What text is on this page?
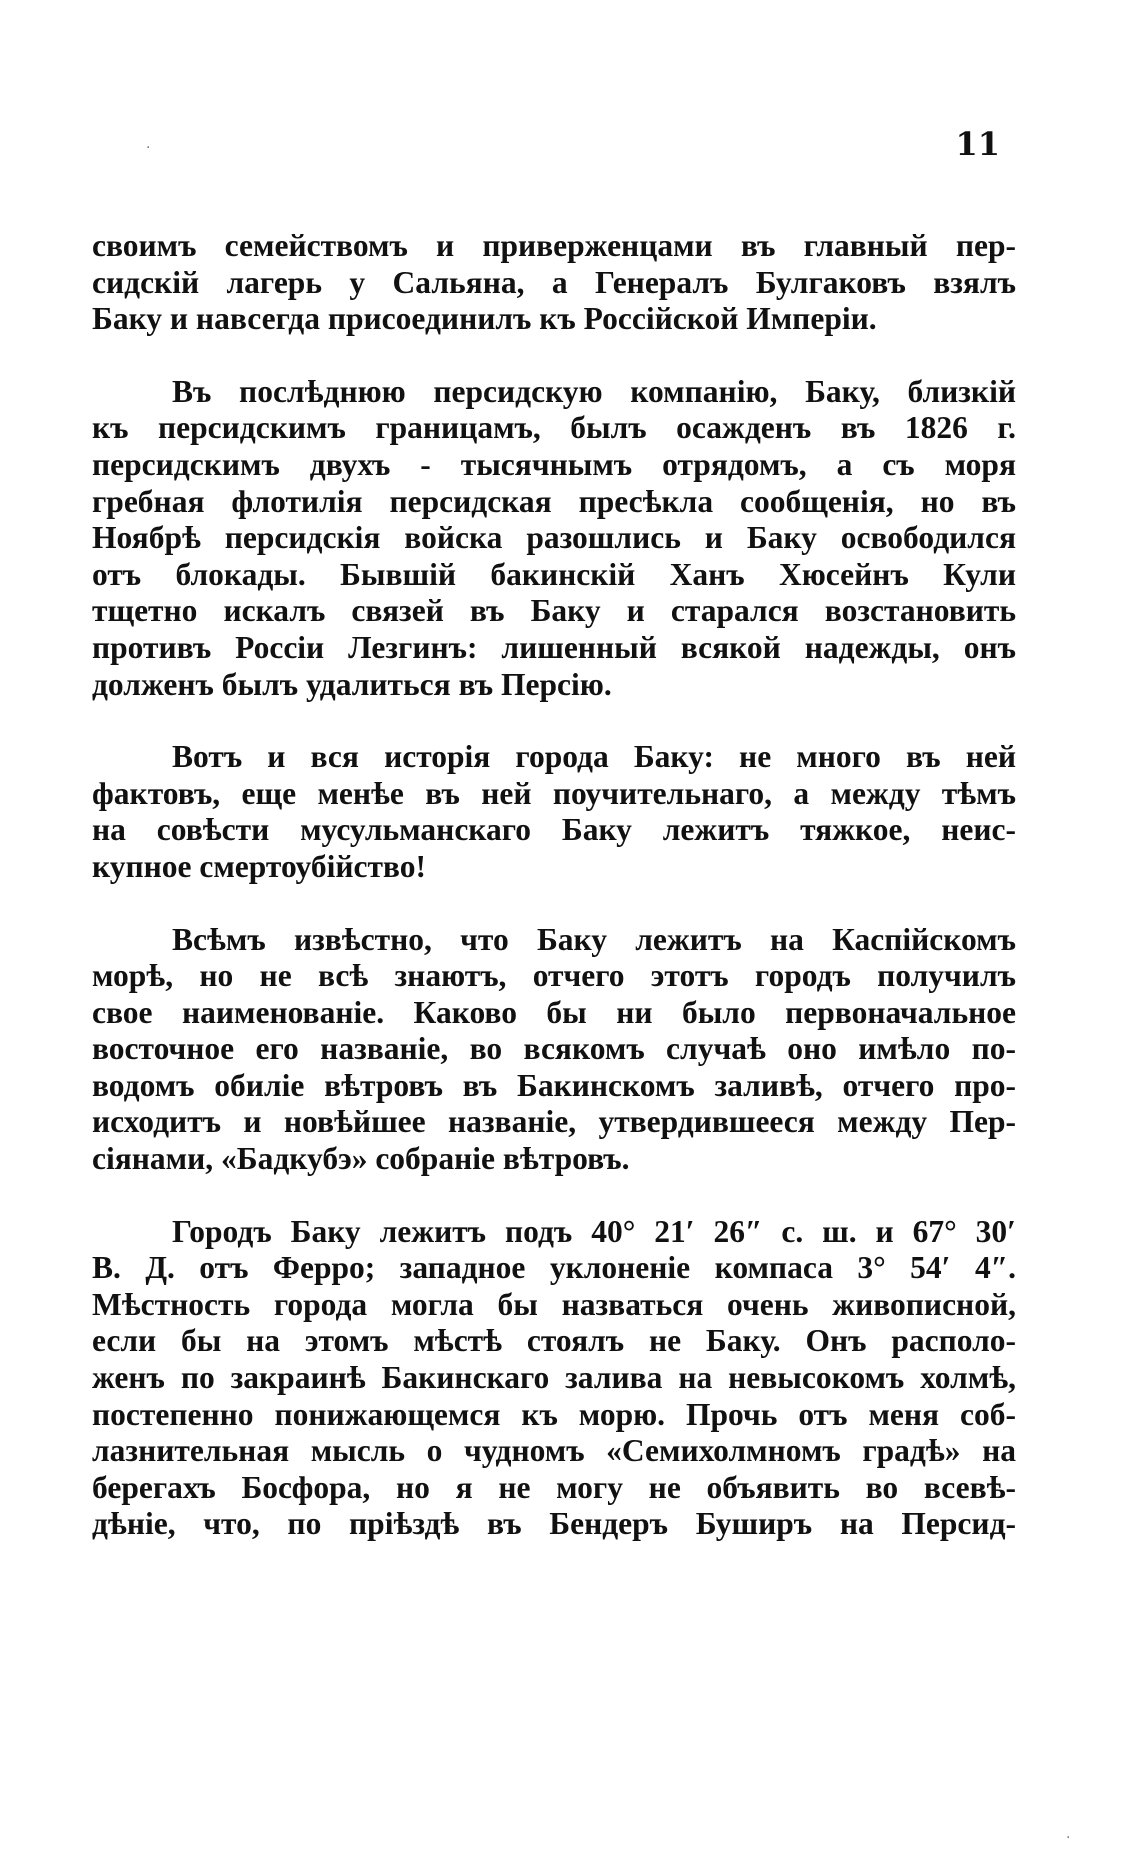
11

своимъ семействомъ и приверженцами въ главный пер-
сидскій лагерь у Сальяна, а Генералъ Булгаковъ взялъ
Баку и навсегда присоединилъ къ Россійской Имперіи.

Въ послѣднюю персидскую компанію, Баку, близкій
къ персидскимъ границамъ, былъ осажденъ въ 1826 г.
персидскимъ двухъ - тысячнымъ отрядомъ, а съ моря
гребная флотилія персидская пресѣкла сообщенія, но въ
Ноябрѣ персидскія войска разошлись и Баку освободился
отъ блокады. Бывшій бакинскій Ханъ Хюсейнъ Кули
тщетно искалъ связей въ Баку и старался возстановить
противъ Россіи Лезгинъ: лишенный всякой надежды, онъ
долженъ былъ удалиться въ Персію.

Вотъ и вся исторія города Баку: не много въ ней
фактовъ, еще менѣе въ ней поучительнаго, а между тѣмъ
на совѣсти мусульманскаго Баку лежитъ тяжкое, неис-
купное смертоубійство!

Всѣмъ извѣстно, что Баку лежитъ на Каспійскомъ
морѣ, но не всѣ знаютъ, отчего этотъ городъ получилъ
свое наименованіе. Каково бы ни было первоначальное
восточное его названіе, во всякомъ случаѣ оно имѣло по-
водомъ обиліе вѣтровъ въ Бакинскомъ заливѣ, отчего про-
исходитъ и новѣйшее названіе, утвердившееся между Пер-
сіянами, «Бадкубэ» собраніе вѣтровъ.

Городъ Баку лежитъ подъ 40° 21′ 26″ с. ш. и 67° 30′
В. Д. отъ Ферро; западное уклоненіе компаса 3° 54′ 4″.
Мѣстность города могла бы назваться очень живописной,
если бы на этомъ мѣстѣ стоялъ не Баку. Онъ располо-
женъ по закраинѣ Бакинскаго залива на невысокомъ холмѣ,
постепенно понижающемся къ морю. Прочь отъ меня соб-
лазнительная мысль о чудномъ «Семихолмномъ градѣ» на
берегахъ Босфора, но я не могу не объявить во всевѣ-
дѣніе, что, по пріѣздѣ въ Бендеръ Буширъ на Персид-

·
·
